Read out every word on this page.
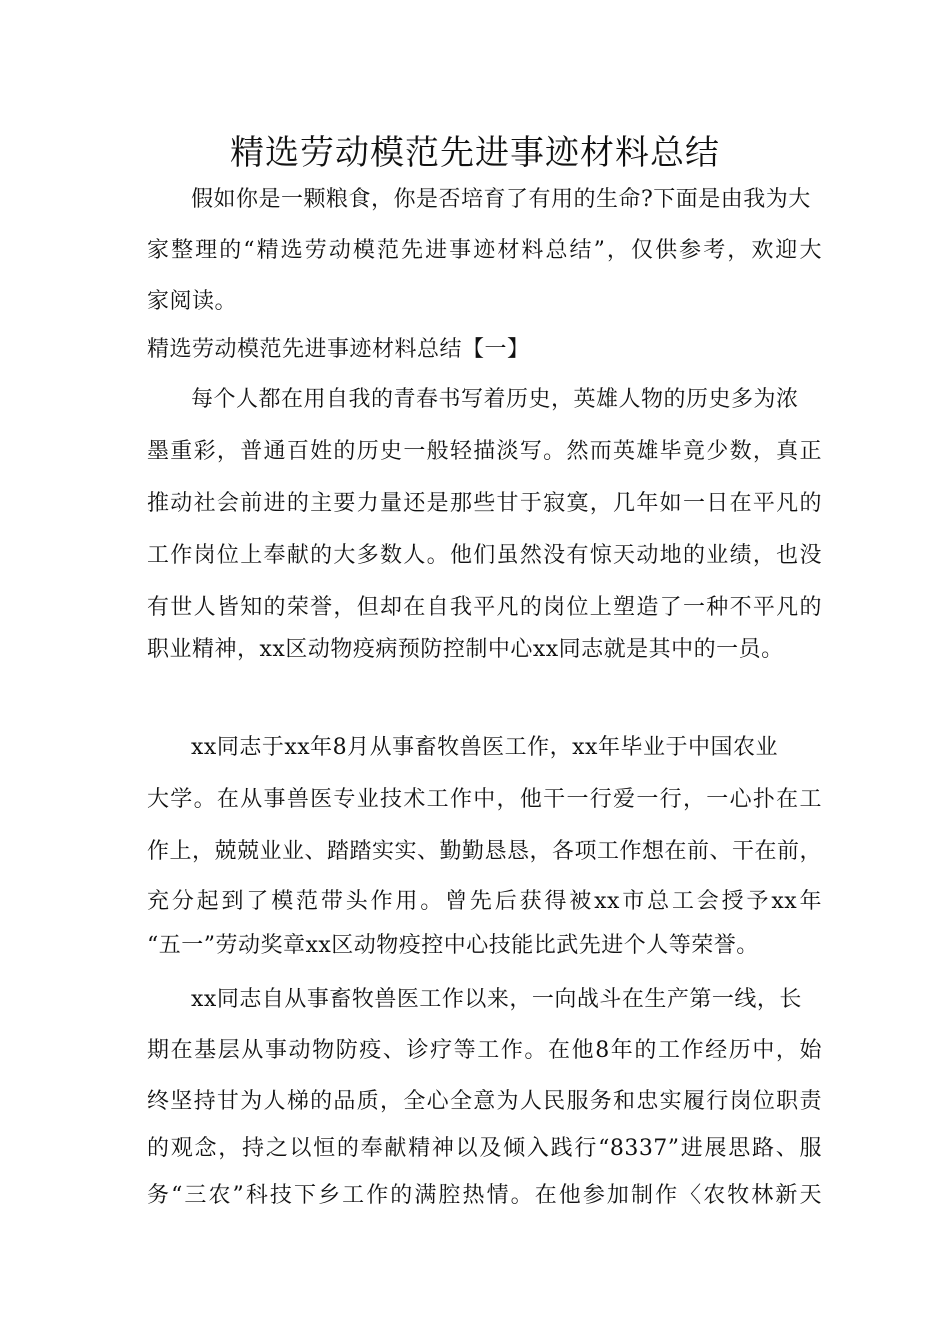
精选劳动模范先进事迹材料总结

假如你是一颗粮食，你是否培育了有用的生命?下面是由我为大

家整理的“精选劳动模范先进事迹材料总结”，仅供参考，欢迎大

家阅读。

精选劳动模范先进事迹材料总结【一】

每个人都在用自我的青春书写着历史，英雄人物的历史多为浓

墨重彩，普通百姓的历史一般轻描淡写。然而英雄毕竟少数，真正

推动社会前进的主要力量还是那些甘于寂寞，几年如一日在平凡的

工作岗位上奉献的大多数人。他们虽然没有惊天动地的业绩，也没

有世人皆知的荣誉，但却在自我平凡的岗位上塑造了一种不平凡的

职业精神，xx区动物疫病预防控制中心xx同志就是其中的一员。

xx同志于xx年8月从事畜牧兽医工作，xx年毕业于中国农业

大学。在从事兽医专业技术工作中，他干一行爱一行，一心扑在工

作上，兢兢业业、踏踏实实、勤勤恳恳，各项工作想在前、干在前，

充分起到了模范带头作用。曾先后获得被xx市总工会授予xx年

“五一”劳动奖章xx区动物疫控中心技能比武先进个人等荣誉。

xx同志自从事畜牧兽医工作以来，一向战斗在生产第一线，长

期在基层从事动物防疫、诊疗等工作。在他8年的工作经历中，始

终坚持甘为人梯的品质，全心全意为人民服务和忠实履行岗位职责

的观念，持之以恒的奉献精神以及倾入践行“8337”进展思路、服

务“三农”科技下乡工作的满腔热情。在他参加制作〈农牧林新天
